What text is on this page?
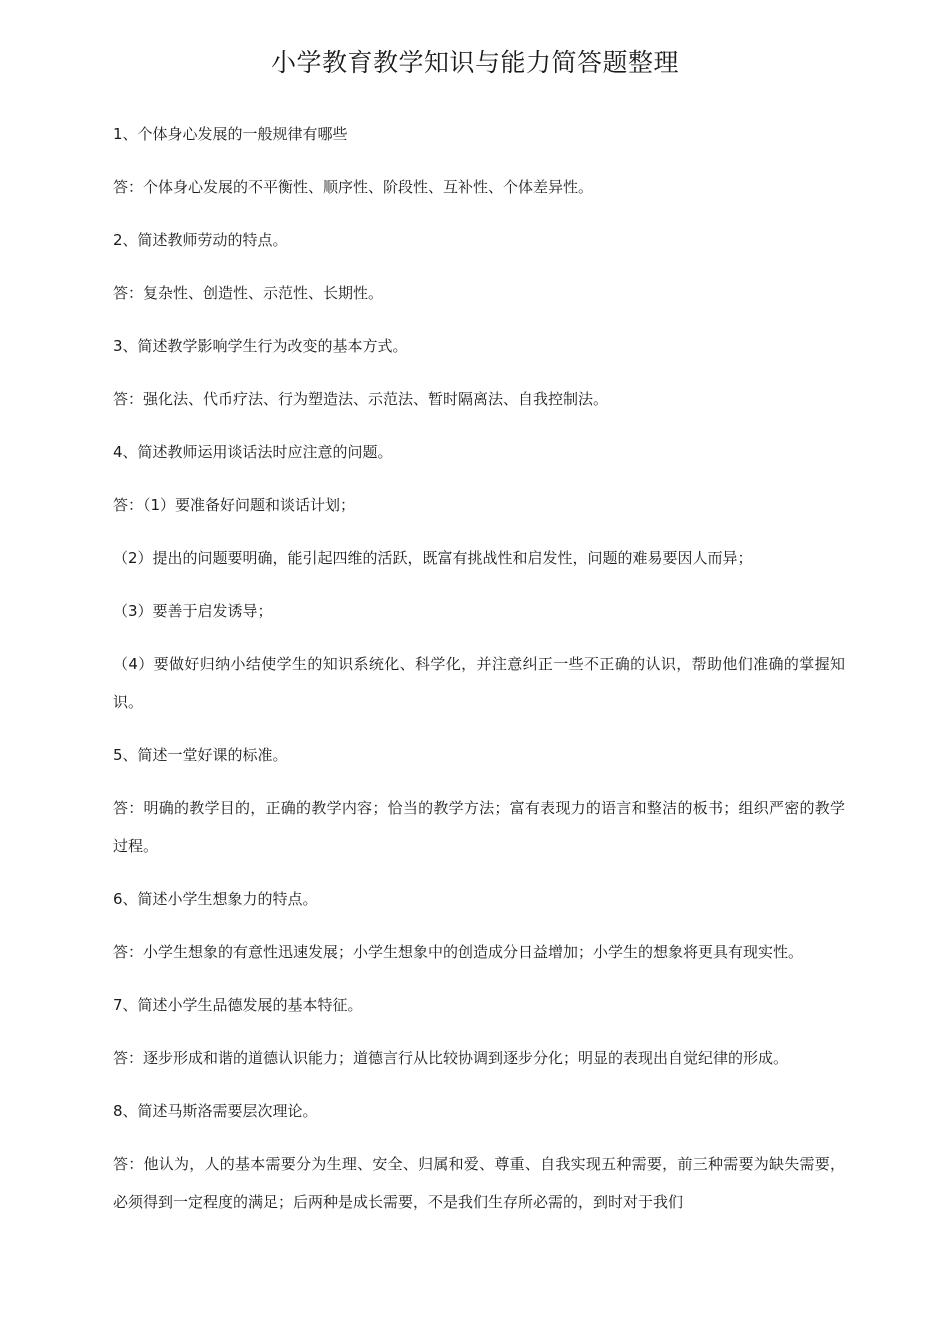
小学教育教学知识与能力简答题整理

1、个体身心发展的一般规律有哪些

答：个体身心发展的不平衡性、顺序性、阶段性、互补性、个体差异性。

2、简述教师劳动的特点。

答：复杂性、创造性、示范性、长期性。

3、简述教学影响学生行为改变的基本方式。

答：强化法、代币疗法、行为塑造法、示范法、暂时隔离法、自我控制法。

4、简述教师运用谈话法时应注意的问题。

答：（1）要准备好问题和谈话计划；

（2）提出的问题要明确，能引起四维的活跃，既富有挑战性和启发性，问题的难易要因人而异；

（3）要善于启发诱导；

（4）要做好归纳小结使学生的知识系统化、科学化，并注意纠正一些不正确的认识，帮助他们准确的掌握知识。

5、简述一堂好课的标准。

答：明确的教学目的，正确的教学内容；恰当的教学方法；富有表现力的语言和整洁的板书；组织严密的教学过程。

6、简述小学生想象力的特点。

答：小学生想象的有意性迅速发展；小学生想象中的创造成分日益增加；小学生的想象将更具有现实性。

7、简述小学生品德发展的基本特征。

答：逐步形成和谐的道德认识能力；道德言行从比较协调到逐步分化；明显的表现出自觉纪律的形成。

8、简述马斯洛需要层次理论。

答：他认为，人的基本需要分为生理、安全、归属和爱、尊重、自我实现五种需要，前三种需要为缺失需要，必须得到一定程度的满足；后两种是成长需要，不是我们生存所必需的，到时对于我们
